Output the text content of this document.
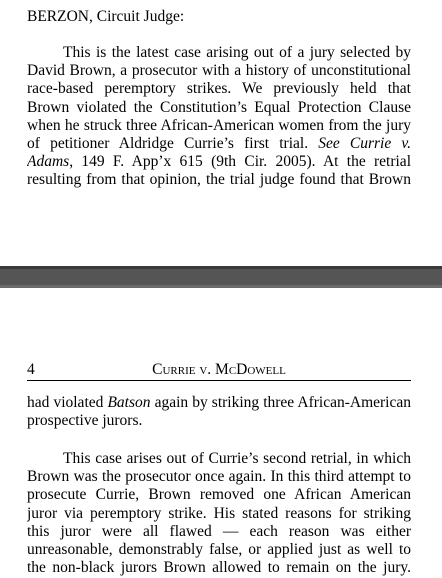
BERZON, Circuit Judge:

This is the latest case arising out of a jury selected by
David Brown, a prosecutor with a history of unconstitutional
race-based peremptory strikes. We previously held that
Brown violated the Constitution’s Equal Protection Clause
when he struck three African-American women from the jury
of petitioner Aldridge Currie’s first trial. See Currie v.
Adams, 149 F. App’x 615 (9th Cir. 2005). At the retrial
resulting from that opinion, the trial judge found that Brown
4	Currie v. McDowell
had violated Batson again by striking three African-American
prospective jurors.
This case arises out of Currie’s second retrial, in which
Brown was the prosecutor once again. In this third attempt to
prosecute Currie, Brown removed one African American
juror via peremptory strike. His stated reasons for striking
this juror were all flawed — each reason was either
unreasonable, demonstrably false, or applied just as well to
the non-black jurors Brown allowed to remain on the jury.
